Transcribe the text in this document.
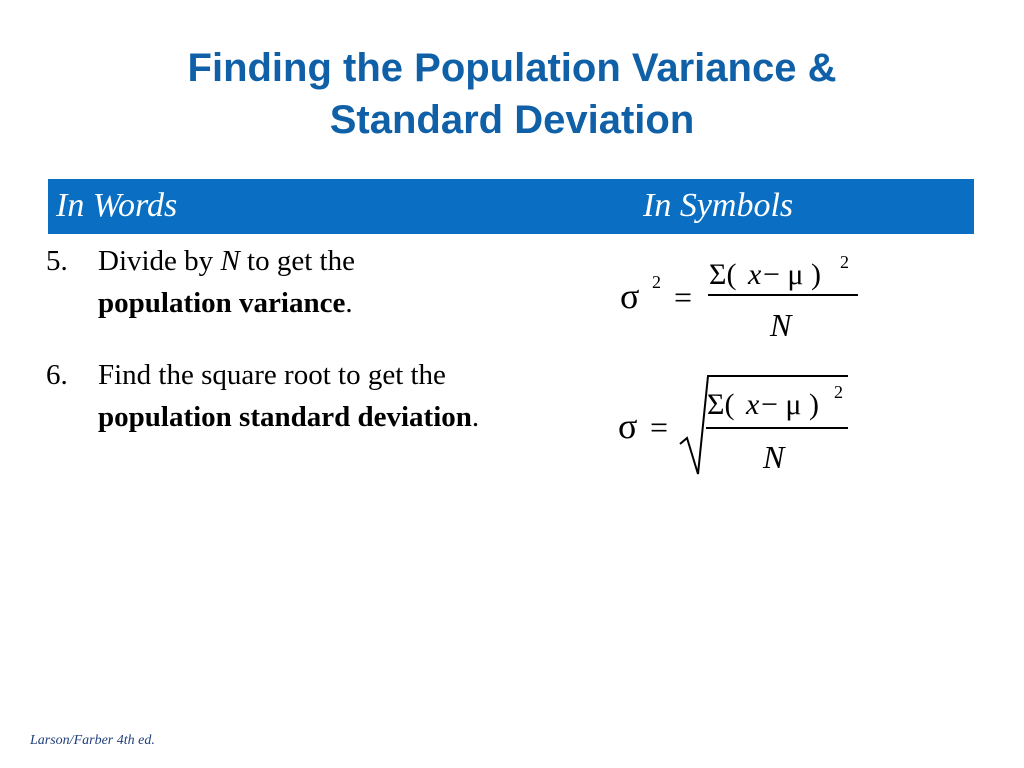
Finding the Population Variance &
Standard Deviation
In Words	In Symbols
5. Divide by N to get the
population variance.
6. Find the square root to get the population standard deviation.
σ 2 =
Σ( x − μ ) 2
N
σ =
Σ( x − μ ) 2
N
Larson/Farber 4th ed.
